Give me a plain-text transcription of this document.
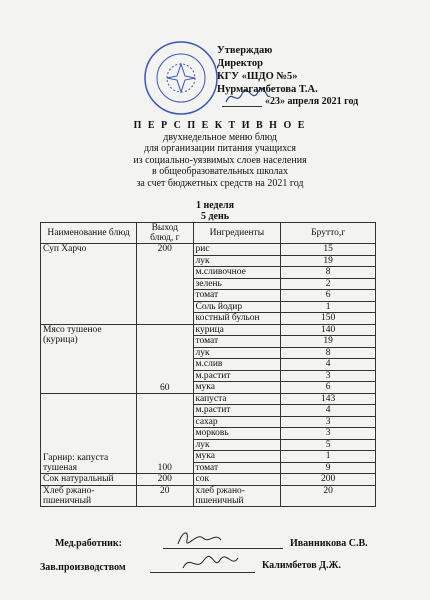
Утверждаю
Директор
КГУ «ШДО №5»
Нурмагамбетова Т.А.
«23» апреля 2021 год
П Е Р С П Е К Т И В Н О Е
двухнедельное меню блюд
для организации питания учащихся
из социально-уязвимых слоев населения
в общеобразовательных школах
за счет бюджетных средств на 2021 год
1 неделя
5 день
Наименование блюд	Выход блюд, г	Ингредиенты	Брутто,г
Суп Харчо	200	рис	15
		лук	19
		м.сливочное	8
		зелень	2
		томат	6
		Соль йодир	1
		костный бульон	150
Мясо тушеное (курица)	60	курица	140
		томат	19
		лук	8
		м.слив	4
		м.растит	3
		мука	6
Гарнир: капуста тушеная	100	капуста	143
		м.растит	4
		сахар	3
		морковь	3
		лук	5
		мука	1
		томат	9
Сок натуральный	200	сок	200
Хлеб ржано-пшеничный	20	хлеб ржано-пшеничный	20
Мед.работник:	Иванникова С.В.
Зав.производством	Калимбетов Д.Ж.
